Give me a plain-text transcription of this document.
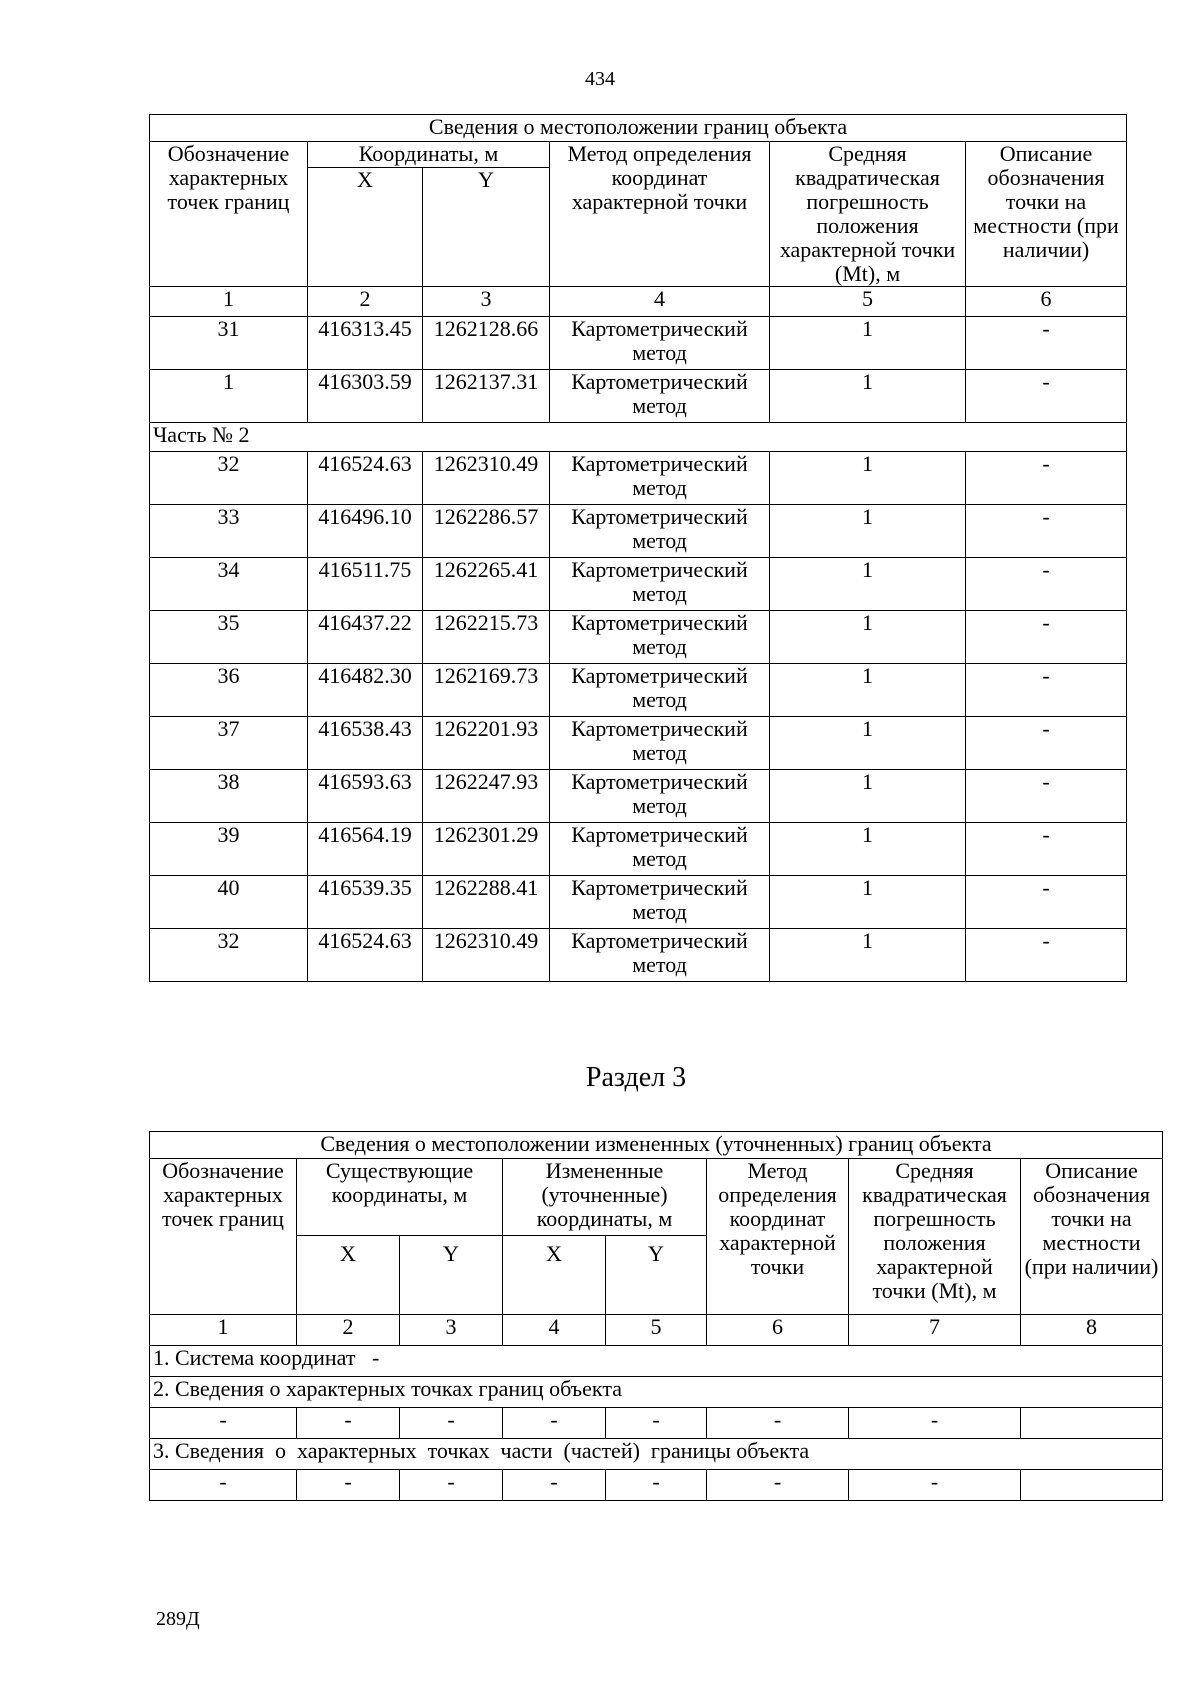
434
Сведения о местоположении границ объекта					
Обозначение характерных точек границ	Координаты, м		Метод определения координат характерной точки	Средняя квадратическая погрешность положения характерной точки (Mt), м	Описание обозначения точки на местности (при наличии)
	X	Y			
1	2	3	4	5	6
31	416313.45	1262128.66	Картометрический метод	1	-
1	416303.59	1262137.31	Картометрический метод	1	-
Часть № 2					
32	416524.63	1262310.49	Картометрический метод	1	-
33	416496.10	1262286.57	Картометрический метод	1	-
34	416511.75	1262265.41	Картометрический метод	1	-
35	416437.22	1262215.73	Картометрический метод	1	-
36	416482.30	1262169.73	Картометрический метод	1	-
37	416538.43	1262201.93	Картометрический метод	1	-
38	416593.63	1262247.93	Картометрический метод	1	-
39	416564.19	1262301.29	Картометрический метод	1	-
40	416539.35	1262288.41	Картометрический метод	1	-
32	416524.63	1262310.49	Картометрический метод	1	-
Раздел 3
Сведения о местоположении измененных (уточненных) границ объекта							
Обозначение характерных точек границ	Существующие координаты, м		Измененные (уточненные) координаты, м		Метод определения координат характерной точки	Средняя квадратическая погрешность положения характерной точки (Mt), м	Описание обозначения точки на местности (при наличии)
	X	Y	X	Y			
1	2	3	4	5	6	7	8
1. Система координат   -							
2. Сведения о характерных точках границ объекта							
-	-	-	-	-	-	-	
3. Сведения  о  характерных  точках  части  (частей)  границы объекта							
-	-	-	-	-	-	-	
289Д
